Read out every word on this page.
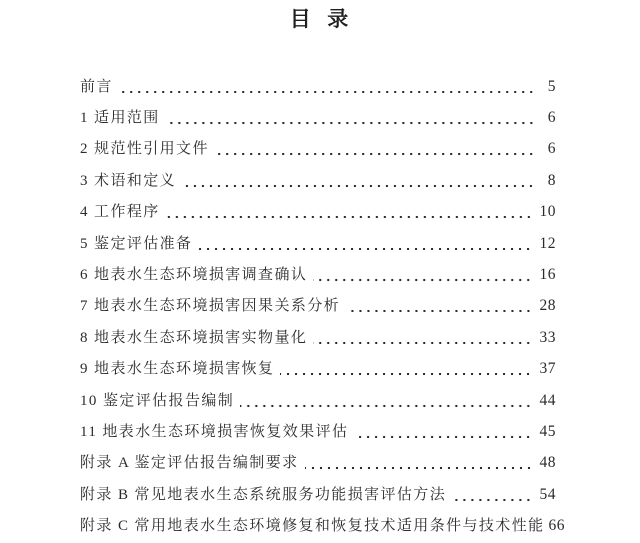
目  录
前言	5
1 适用范围	6
2 规范性引用文件	6
3 术语和定义	8
4 工作程序	10
5 鉴定评估准备	12
6 地表水生态环境损害调查确认	16
7 地表水生态环境损害因果关系分析	28
8 地表水生态环境损害实物量化	33
9 地表水生态环境损害恢复	37
10 鉴定评估报告编制	44
11 地表水生态环境损害恢复效果评估	45
附录 A 鉴定评估报告编制要求	48
附录 B 常见地表水生态系统服务功能损害评估方法	54
附录 C 常用地表水生态环境修复和恢复技术适用条件与技术性能 66
